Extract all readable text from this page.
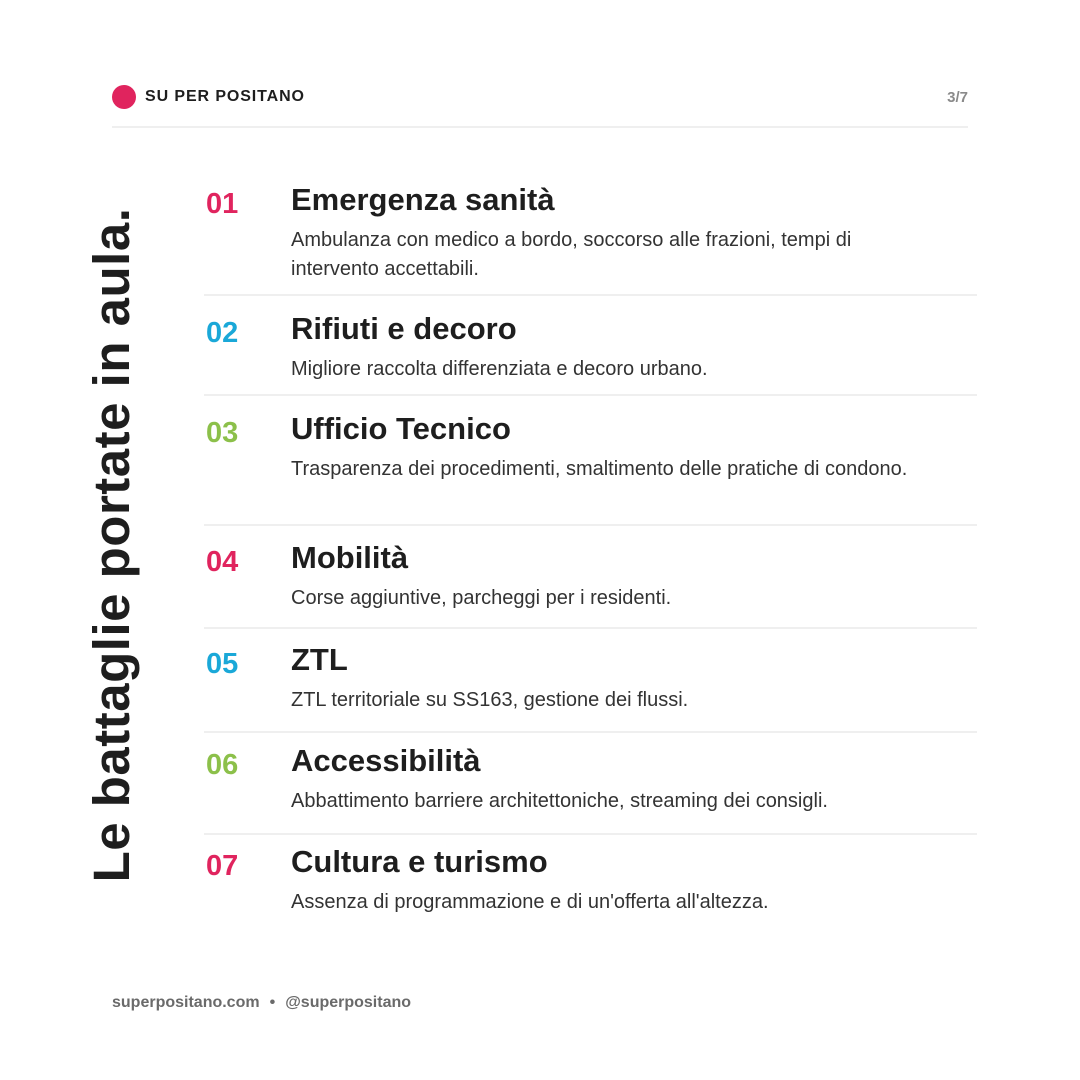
SU PER POSITANO	3/7
Le battaglie portate in aula.
01 Emergenza sanità
Ambulanza con medico a bordo, soccorso alle frazioni, tempi di intervento accettabili.
02 Rifiuti e decoro
Migliore raccolta differenziata e decoro urbano.
03 Ufficio Tecnico
Trasparenza dei procedimenti, smaltimento delle pratiche di condono.
04 Mobilità
Corse aggiuntive, parcheggi per i residenti.
05 ZTL
ZTL territoriale su SS163, gestione dei flussi.
06 Accessibilità
Abbattimento barriere architettoniche, streaming dei consigli.
07 Cultura e turismo
Assenza di programmazione e di un'offerta all'altezza.
superpositano.com • @superpositano
